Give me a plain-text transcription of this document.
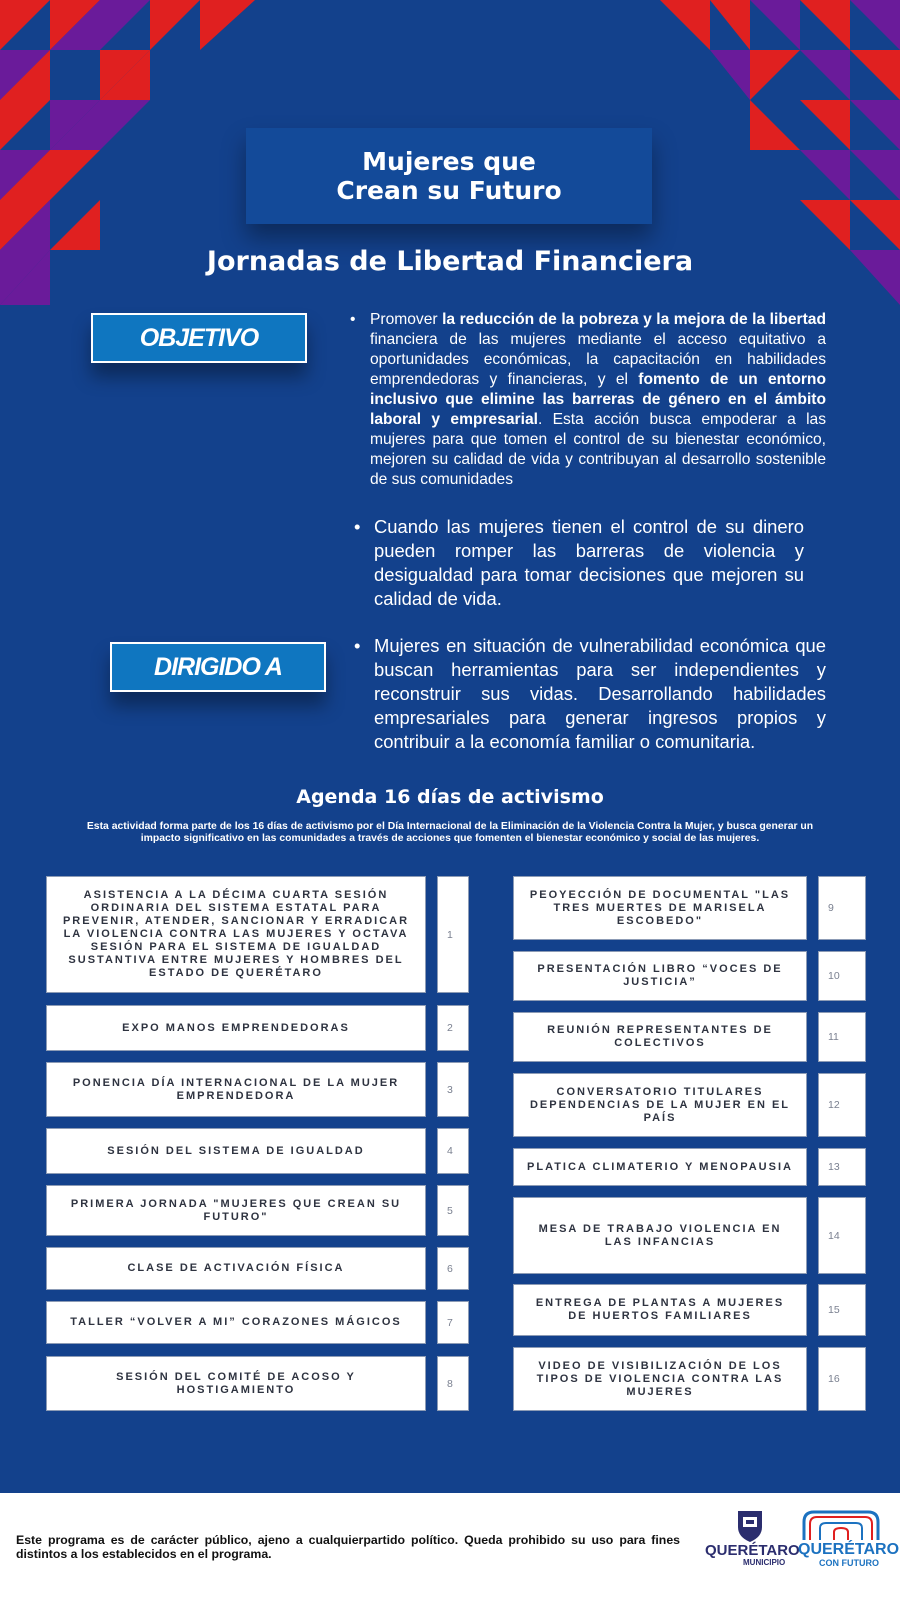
Mujeres que
Crean su Futuro
Jornadas de Libertad Financiera
OBJETIVO
• Promover la reducción de la pobreza y la mejora de la libertad financiera de las mujeres mediante el acceso equitativo a oportunidades económicas, la capacitación en habilidades emprendedoras y financieras, y el fomento de un entorno inclusivo que elimine las barreras de género en el ámbito laboral y empresarial. Esta acción busca empoderar a las mujeres para que tomen el control de su bienestar económico, mejoren su calidad de vida y contribuyan al desarrollo sostenible de sus comunidades
• Cuando las mujeres tienen el control de su dinero pueden romper las barreras de violencia y desigualdad para tomar decisiones que mejoren su calidad de vida.
DIRIGIDO A
• Mujeres en situación de vulnerabilidad económica que buscan herramientas para ser independientes y reconstruir sus vidas. Desarrollando habilidades empresariales para generar ingresos propios y contribuir a la economía familiar o comunitaria.
Agenda 16 días de activismo
Esta actividad forma parte de los 16 días de activismo por el Día Internacional de la Eliminación de la Violencia Contra la Mujer, y busca generar un impacto significativo en las comunidades a través de acciones que fomenten el bienestar económico y social de las mujeres.
ASISTENCIA A LA DÉCIMA CUARTA SESIÓN ORDINARIA DEL SISTEMA ESTATAL PARA PREVENIR, ATENDER, SANCIONAR Y ERRADICAR LA VIOLENCIA CONTRA LAS MUJERES Y OCTAVA SESIÓN PARA EL SISTEMA DE IGUALDAD SUSTANTIVA ENTRE MUJERES Y HOMBRES DEL ESTADO DE QUERÉTARO
1
EXPO MANOS EMPRENDEDORAS	2
PONENCIA DÍA INTERNACIONAL DE LA MUJER EMPRENDEDORA	3
SESIÓN DEL SISTEMA DE IGUALDAD	4
PRIMERA JORNADA "MUJERES QUE CREAN SU FUTURO"	5
CLASE DE ACTIVACIÓN FÍSICA	6
TALLER “VOLVER A MI” CORAZONES MÁGICOS	7
SESIÓN DEL COMITÉ DE ACOSO Y HOSTIGAMIENTO	8
PEOYECCIÓN DE DOCUMENTAL "LAS TRES MUERTES DE MARISELA ESCOBEDO"
9
PRESENTACIÓN LIBRO “VOCES DE JUSTICIA”	10
REUNIÓN REPRESENTANTES DE COLECTIVOS	11
CONVERSATORIO TITULARES DEPENDENCIAS DE LA MUJER EN EL PAÍS
12
PLATICA CLIMATERIO Y MENOPAUSIA	13
MESA DE TRABAJO VIOLENCIA EN LAS INFANCIAS	14
ENTREGA DE PLANTAS A MUJERES DE HUERTOS FAMILIARES	15
VIDEO DE VISIBILIZACIÓN DE LOS TIPOS DE VIOLENCIA CONTRA LAS MUJERES
16
Este programa es de carácter público, ajeno a cualquierpartido político. Queda prohibido su uso para fines distintos a los establecidos en el programa.	QUERÉTARO
MUNICIPIO
QUERÉTARO
CON FUTURO
